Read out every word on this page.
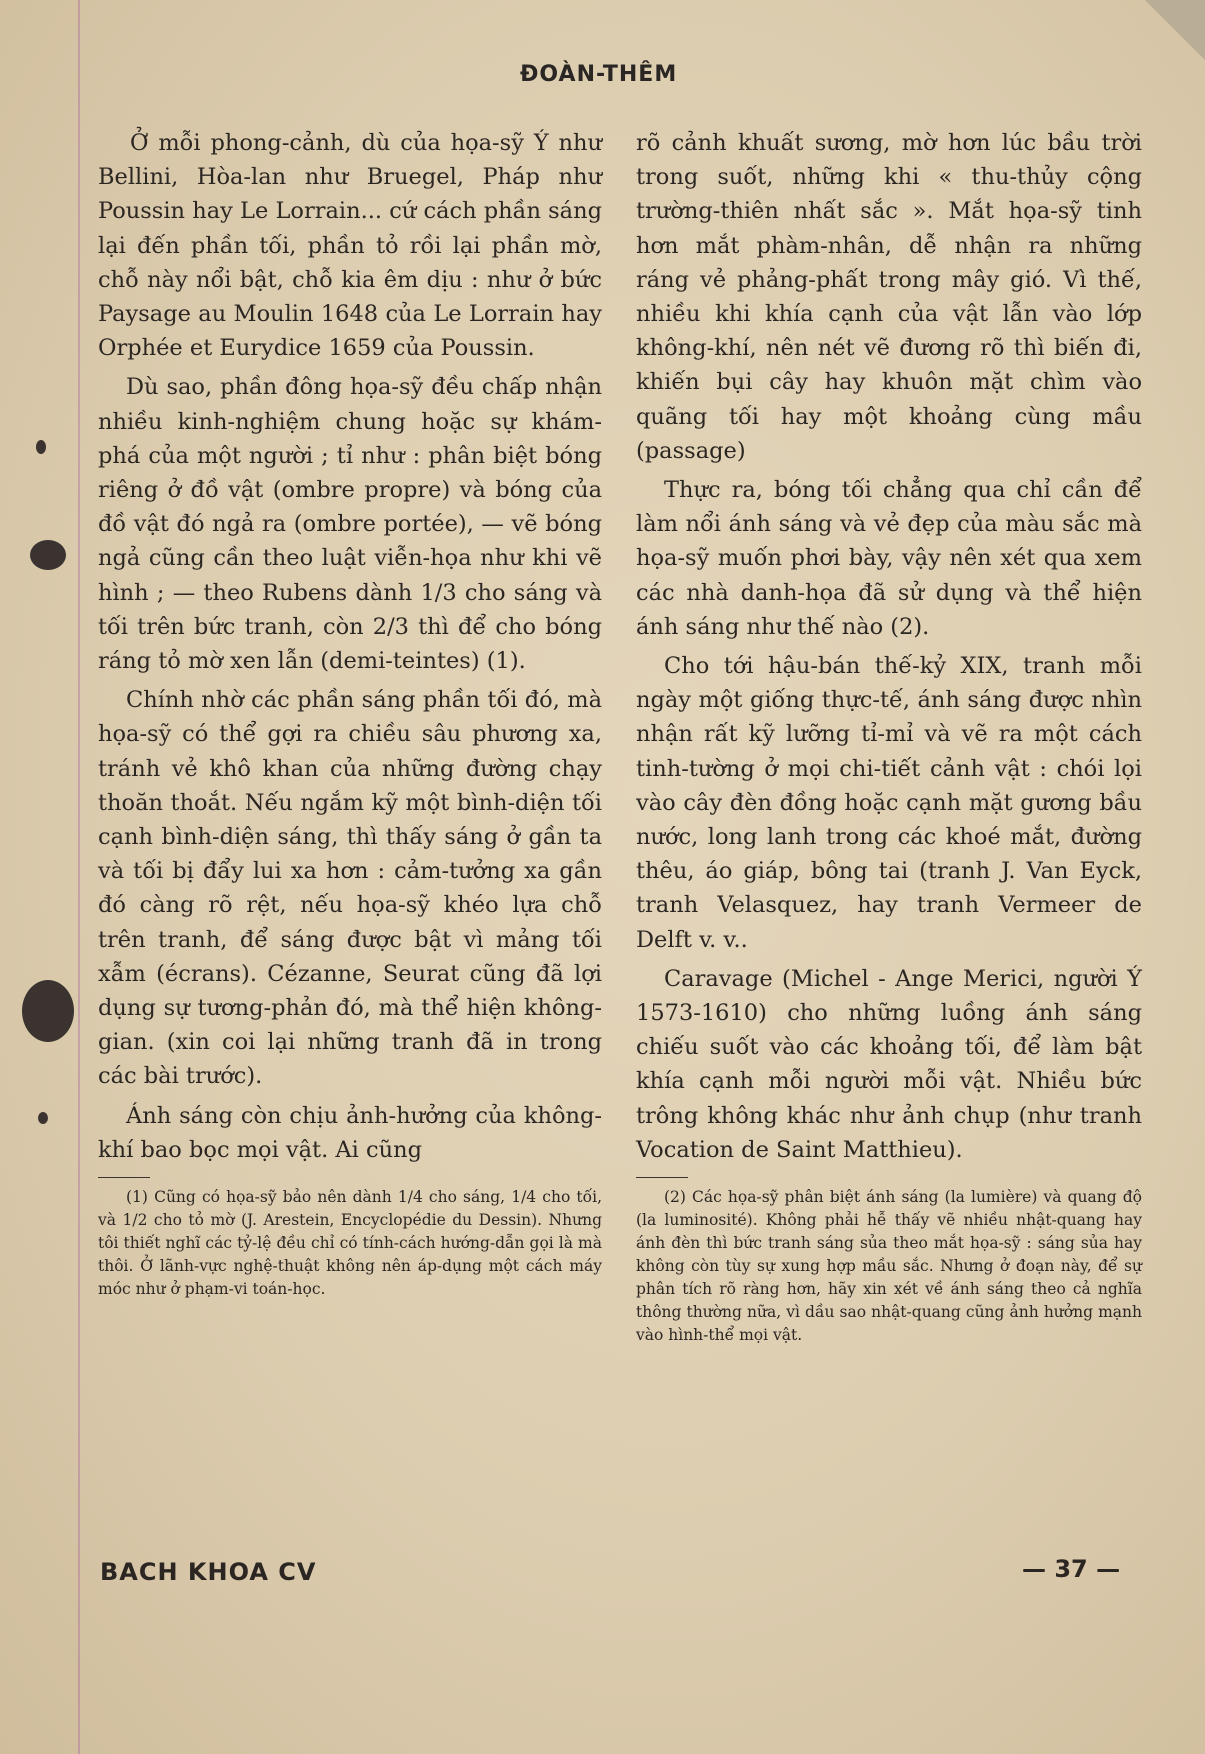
ĐOÀN-THÊM

Ở mỗi phong-cảnh, dù của họa-sỹ Ý như Bellini, Hòa-lan như Bruegel, Pháp như Poussin hay Le Lorrain... cứ cách phần sáng lại đến phần tối, phần tỏ rồi lại phần mờ, chỗ này nổi bật, chỗ kia êm dịu : như ở bức Paysage au Moulin 1648 của Le Lorrain hay Orphée et Eurydice 1659 của Poussin.

Dù sao, phần đông họa-sỹ đều chấp nhận nhiều kinh-nghiệm chung hoặc sự khám-phá của một người ; tỉ như : phân biệt bóng riêng ở đồ vật (ombre propre) và bóng của đồ vật đó ngả ra (ombre portée), — vẽ bóng ngả cũng cần theo luật viễn-họa như khi vẽ hình ; — theo Rubens dành 1/3 cho sáng và tối trên bức tranh, còn 2/3 thì để cho bóng ráng tỏ mờ xen lẫn (demi-teintes) (1).

Chính nhờ các phần sáng phần tối đó, mà họa-sỹ có thể gợi ra chiều sâu phương xa, tránh vẻ khô khan của những đường chạy thoăn thoắt. Nếu ngắm kỹ một bình-diện tối cạnh bình-diện sáng, thì thấy sáng ở gần ta và tối bị đẩy lui xa hơn : cảm-tưởng xa gần đó càng rõ rệt, nếu họa-sỹ khéo lựa chỗ trên tranh, để sáng được bật vì mảng tối xẫm (écrans). Cézanne, Seurat cũng đã lợi dụng sự tương-phản đó, mà thể hiện không-gian. (xin coi lại những tranh đã in trong các bài trước).

Ánh sáng còn chịu ảnh-hưởng của không-khí bao bọc mọi vật. Ai cũng

(1) Cũng có họa-sỹ bảo nên dành 1/4 cho sáng, 1/4 cho tối, và 1/2 cho tỏ mờ (J. Arestein, Encyclopédie du Dessin). Nhưng tôi thiết nghĩ các tỷ-lệ đều chỉ có tính-cách hướng-dẫn gọi là mà thôi. Ở lãnh-vực nghệ-thuật không nên áp-dụng một cách máy móc như ở phạm-vi toán-học.

rõ cảnh khuất sương, mờ hơn lúc bầu trời trong suốt, những khi « thu-thủy cộng trường-thiên nhất sắc ». Mắt họa-sỹ tinh hơn mắt phàm-nhân, dễ nhận ra những ráng vẻ phảng-phất trong mây gió. Vì thế, nhiều khi khía cạnh của vật lẫn vào lớp không-khí, nên nét vẽ đương rõ thì biến đi, khiến bụi cây hay khuôn mặt chìm vào quãng tối hay một khoảng cùng mầu (passage)

Thực ra, bóng tối chẳng qua chỉ cần để làm nổi ánh sáng và vẻ đẹp của màu sắc mà họa-sỹ muốn phơi bày, vậy nên xét qua xem các nhà danh-họa đã sử dụng và thể hiện ánh sáng như thế nào (2).

Cho tới hậu-bán thế-kỷ XIX, tranh mỗi ngày một giống thực-tế, ánh sáng được nhìn nhận rất kỹ lưỡng tỉ-mỉ và vẽ ra một cách tinh-tường ở mọi chi-tiết cảnh vật : chói lọi vào cây đèn đồng hoặc cạnh mặt gương bầu nước, long lanh trong các khoé mắt, đường thêu, áo giáp, bông tai (tranh J. Van Eyck, tranh Velasquez, hay tranh Vermeer de Delft v. v..

Caravage (Michel - Ange Merici, người Ý 1573-1610) cho những luồng ánh sáng chiếu suốt vào các khoảng tối, để làm bật khía cạnh mỗi người mỗi vật. Nhiều bức trông không khác như ảnh chụp (như tranh Vocation de Saint Matthieu).

(2) Các họa-sỹ phân biệt ánh sáng (la lumière) và quang độ (la luminosité). Không phải hễ thấy vẽ nhiều nhật-quang hay ánh đèn thì bức tranh sáng sủa theo mắt họa-sỹ : sáng sủa hay không còn tùy sự xung hợp mầu sắc. Nhưng ở đoạn này, để sự phân tích rõ ràng hơn, hãy xin xét về ánh sáng theo cả nghĩa thông thường nữa, vì dầu sao nhật-quang cũng ảnh hưởng mạnh vào hình-thể mọi vật.

BACH KHOA CV	— 37 —
